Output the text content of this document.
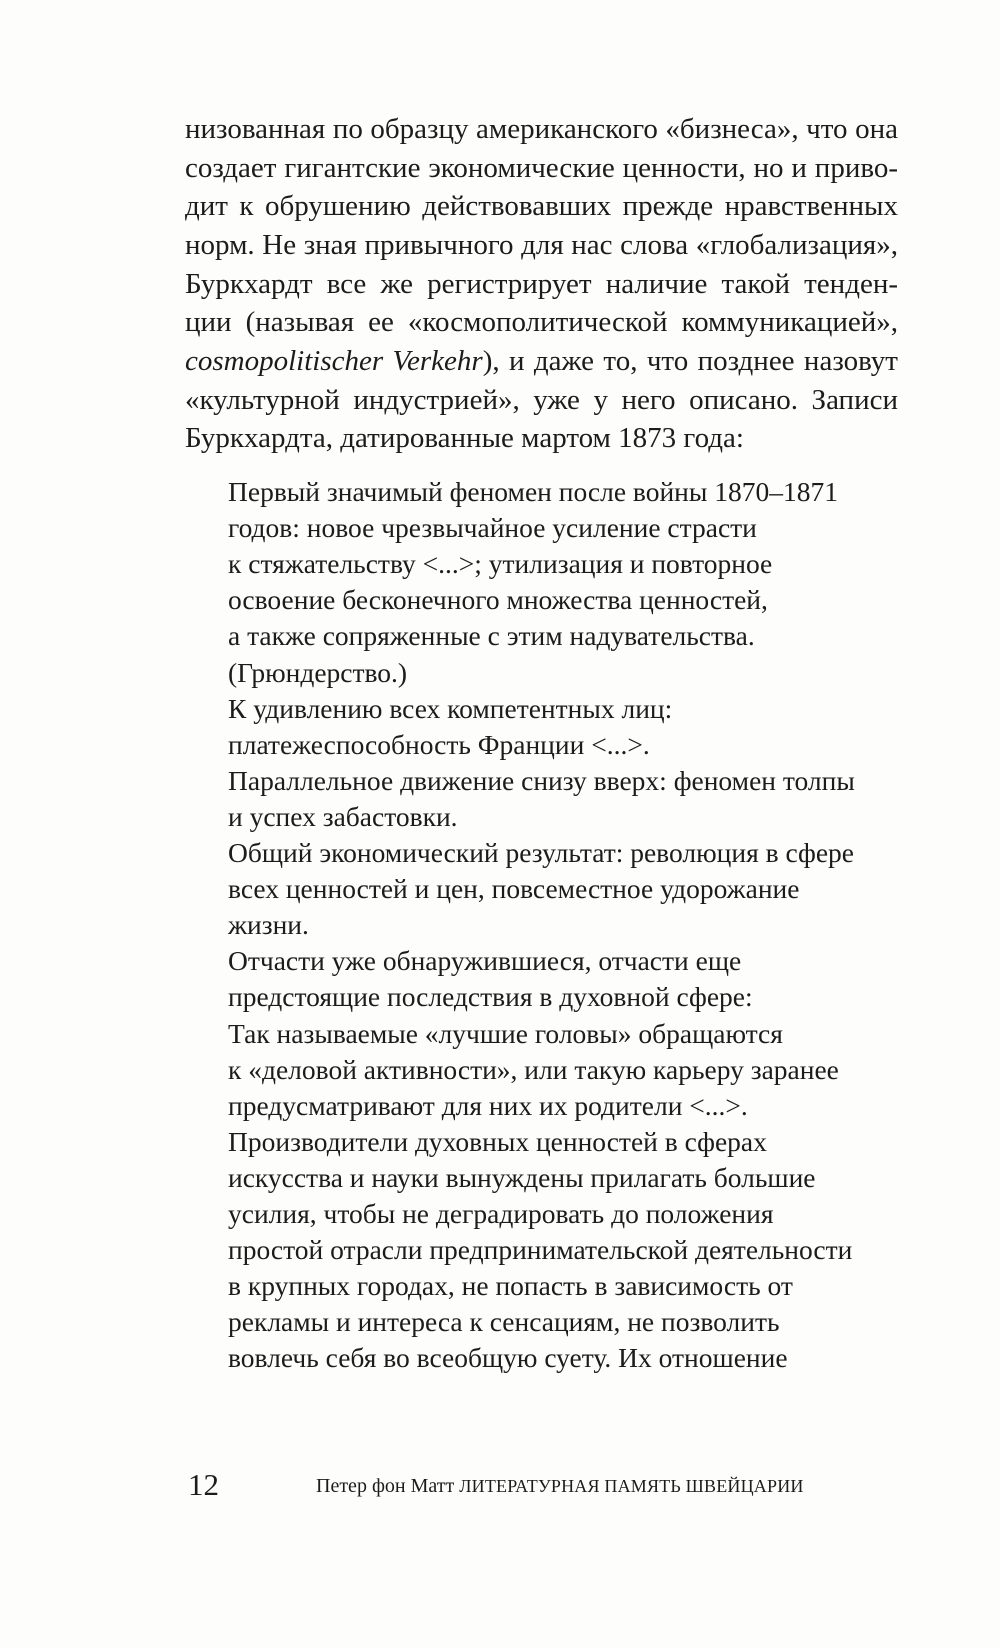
низованная по образцу американского «бизнеса», что она
создает гигантские экономические ценности, но и приво-
дит к обрушению действовавших прежде нравственных
норм. Не зная привычного для нас слова «глобализация»,
Буркхардт все же регистрирует наличие такой тенден-
ции (называя ее «космополитической коммуникацией»,
cosmopolitischer Verkehr), и даже то, что позднее назовут
«культурной индустрией», уже у него описано. Записи
Буркхардта, датированные мартом 1873 года:
Первый значимый феномен после войны 1870–1871
годов: новое чрезвычайное усиление страсти
к стяжательству <...>; утилизация и повторное
освоение бесконечного множества ценностей,
а также сопряженные с этим надувательства.
(Грюндерство.)
К удивлению всех компетентных лиц:
платежеспособность Франции <...>.
Параллельное движение снизу вверх: феномен толпы
и успех забастовки.
Общий экономический результат: революция в сфере
всех ценностей и цен, повсеместное удорожание
жизни.
Отчасти уже обнаружившиеся, отчасти еще
предстоящие последствия в духовной сфере:
Так называемые «лучшие головы» обращаются
к «деловой активности», или такую карьеру заранее
предусматривают для них их родители <...>.
Производители духовных ценностей в сферах
искусства и науки вынуждены прилагать большие
усилия, чтобы не деградировать до положения
простой отрасли предпринимательской деятельности
в крупных городах, не попасть в зависимость от
рекламы и интереса к сенсациям, не позволить
вовлечь себя во всеобщую суету. Их отношение
12	Петер фон Матт ЛИТЕРАТУРНАЯ ПАМЯТЬ ШВЕЙЦАРИИ
